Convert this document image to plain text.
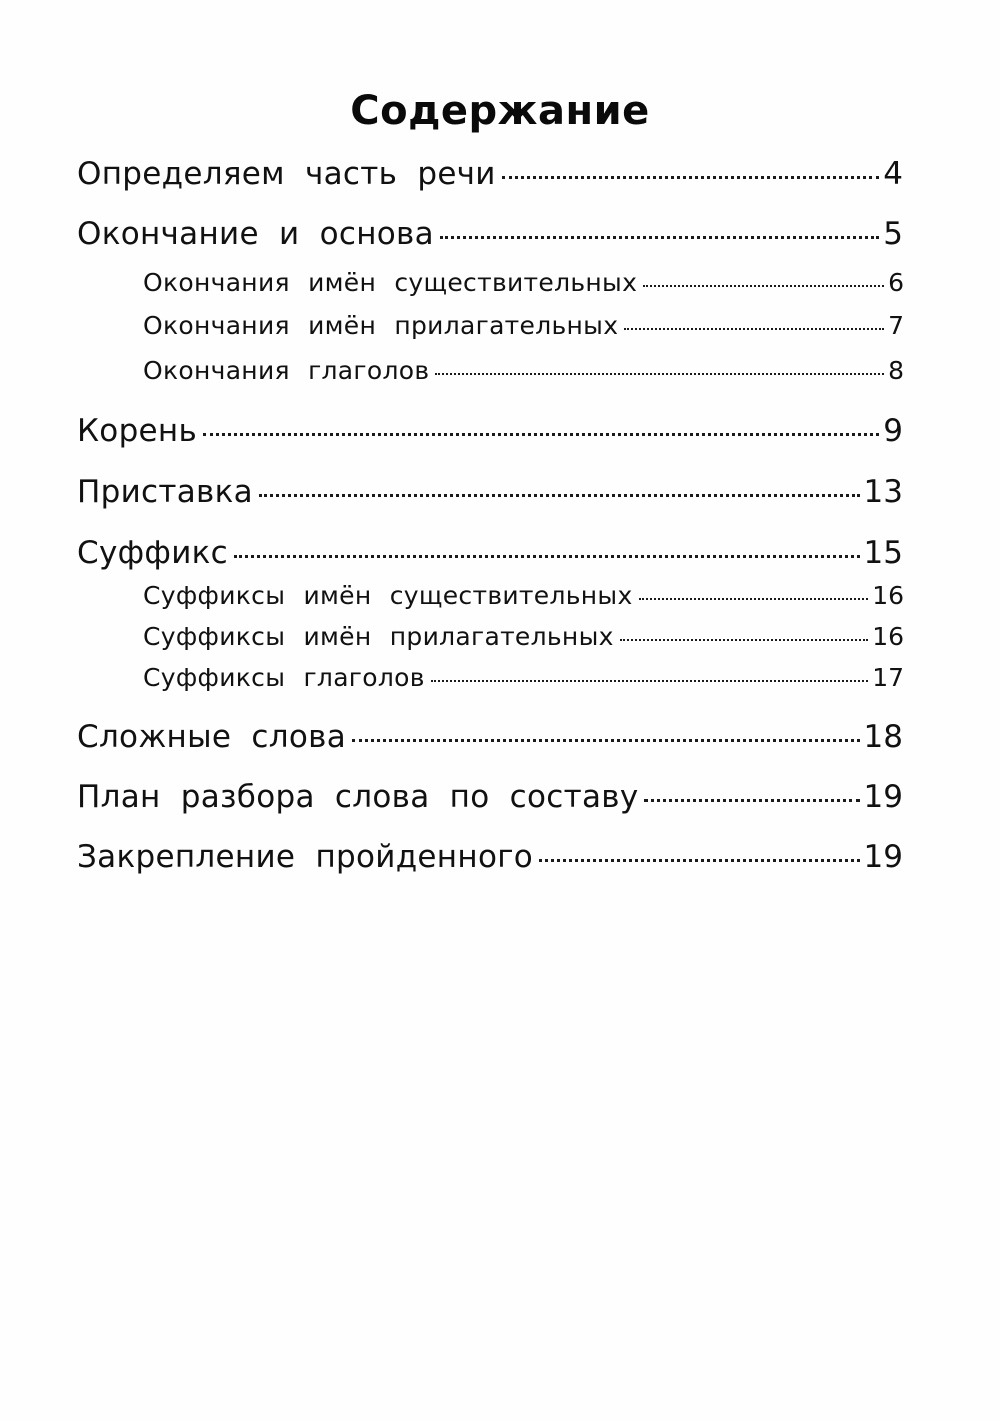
Содержание
Определяем часть речи	4
Окончание и основа	5
Окончания имён существительных	6
Окончания имён прилагательных	7
Окончания глаголов	8
Корень	9
Приставка	13
Суффикс	15
Суффиксы имён существительных	16
Суффиксы имён прилагательных	16
Суффиксы глаголов	17
Сложные слова	18
План разбора слова по составу	19
Закрепление пройденного	19
